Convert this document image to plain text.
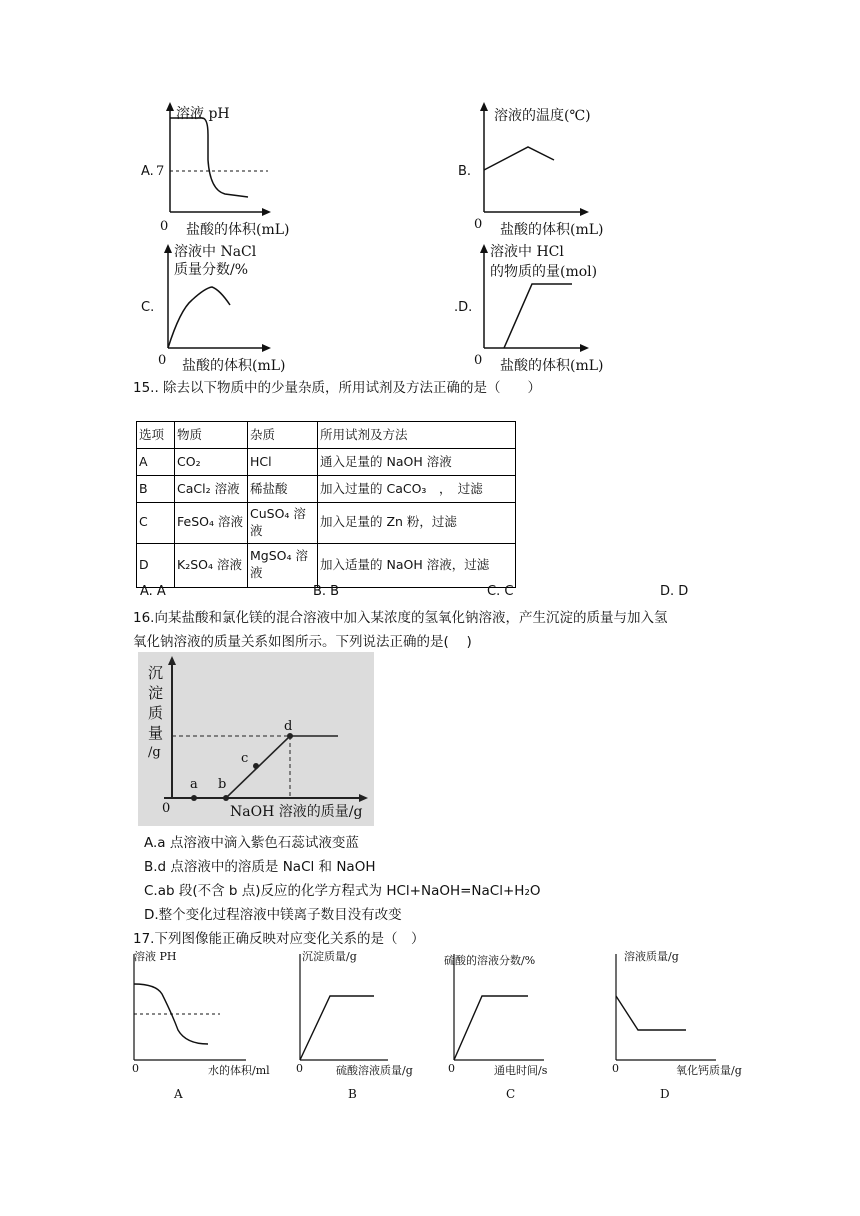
A.
溶液 pH
7
0 盐酸的体积(mL)
B.
溶液的温度(℃)
0 盐酸的体积(mL)
C.
溶液中 NaCl
质量分数/%
0 盐酸的体积(mL)
.D.
溶液中 HCl
的物质的量(mol)
0 盐酸的体积(mL)
15.. 除去以下物质中的少量杂质，所用试剂及方法正确的是（　　）
选项	物质	杂质	所用试剂及方法
A	CO₂	HCl	通入足量的 NaOH 溶液
B	CaCl₂ 溶液	稀盐酸	加入过量的 CaCO₃　，　过滤
C	FeSO₄ 溶液	CuSO₄ 溶液	加入足量的 Zn 粉，过滤
D	K₂SO₄ 溶液	MgSO₄ 溶液	加入适量的 NaOH 溶液，过滤
A. A	B. B	C. C	D. D
16.向某盐酸和氯化镁的混合溶液中加入某浓度的氢氧化钠溶液，产生沉淀的质量与加入氢
氧化钠溶液的质量关系如图所示。下列说法正确的是(　 )
沉
淀
质
量
/g
a b
c
d
0	NaOH 溶液的质量/g
A.a 点溶液中滴入紫色石蕊试液变蓝
B.d 点溶液中的溶质是 NaCl 和 NaOH
C.ab 段(不含 b 点)反应的化学方程式为 HCl+NaOH=NaCl+H₂O
D.整个变化过程溶液中镁离子数目没有改变
17.下列图像能正确反映对应变化关系的是（　）
溶液 PH
0	水的体积/ml
A
沉淀质量/g
0	硫酸溶液质量/g
B
硫酸的溶液分数/%
0	通电时间/s
C
溶液质量/g
0	氧化钙质量/g
D
